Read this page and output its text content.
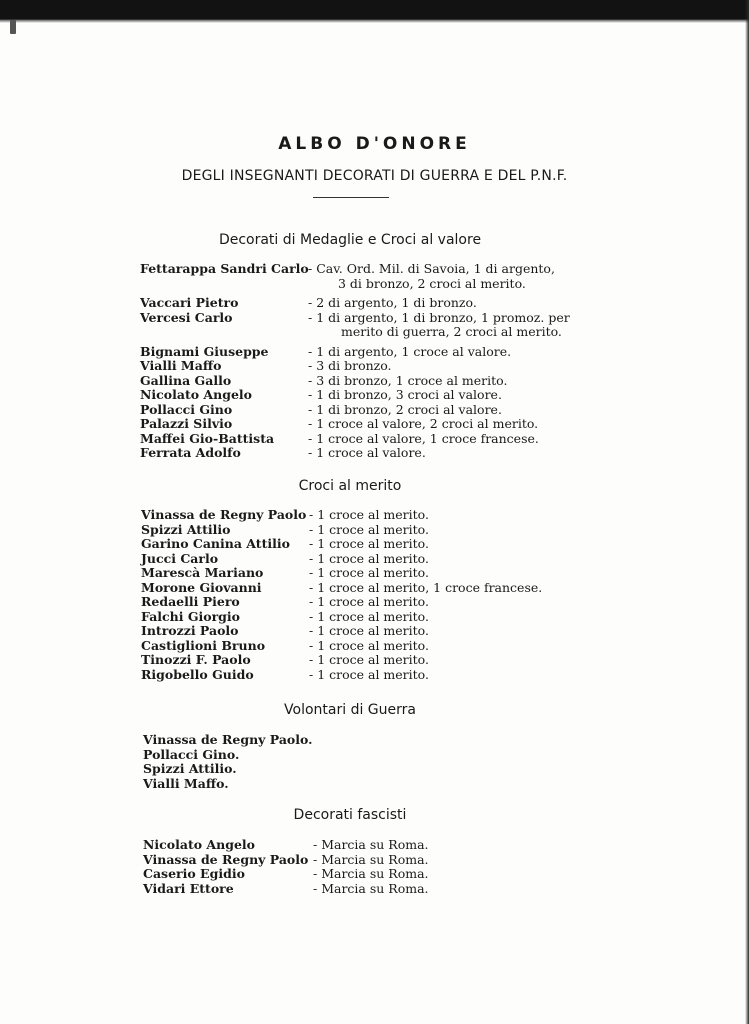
ALBO D'ONORE
DEGLI INSEGNANTI DECORATI DI GUERRA E DEL P.N.F.
Decorati di Medaglie e Croci al valore
Fettarappa Sandri Carlo - Cav. Ord. Mil. di Savoia, 1 di argento,
3 di bronzo, 2 croci al merito.
Vaccari Pietro	- 2 di argento, 1 di bronzo.
Vercesi Carlo	- 1 di argento, 1 di bronzo, 1 promoz. per
merito di guerra, 2 croci al merito.
Bignami Giuseppe	- 1 di argento, 1 croce al valore.
Vialli Maffo	- 3 di bronzo.
Gallina Gallo	- 3 di bronzo, 1 croce al merito.
Nicolato Angelo	- 1 di bronzo, 3 croci al valore.
Pollacci Gino	- 1 di bronzo, 2 croci al valore.
Palazzi Silvio	- 1 croce al valore, 2 croci al merito.
Maffei Gio-Battista	- 1 croce al valore, 1 croce francese.
Ferrata Adolfo	- 1 croce al valore.
Croci al merito
Vinassa de Regny Paolo - 1 croce al merito.
Spizzi Attilio	- 1 croce al merito.
Garino Canina Attilio - 1 croce al merito.
Jucci Carlo	- 1 croce al merito.
Marescà Mariano	- 1 croce al merito.
Morone Giovanni	- 1 croce al merito, 1 croce francese.
Redaelli Piero	- 1 croce al merito.
Falchi Giorgio	- 1 croce al merito.
Introzzi Paolo	- 1 croce al merito.
Castiglioni Bruno	- 1 croce al merito.
Tinozzi F. Paolo	- 1 croce al merito.
Rigobello Guido	- 1 croce al merito.
Volontari di Guerra
Vinassa de Regny Paolo.
Pollacci Gino.
Spizzi Attilio.
Vialli Maffo.
Decorati fascisti
Nicolato Angelo	- Marcia su Roma.
Vinassa de Regny Paolo - Marcia su Roma.
Caserio Egidio	- Marcia su Roma.
Vidari Ettore	- Marcia su Roma.
